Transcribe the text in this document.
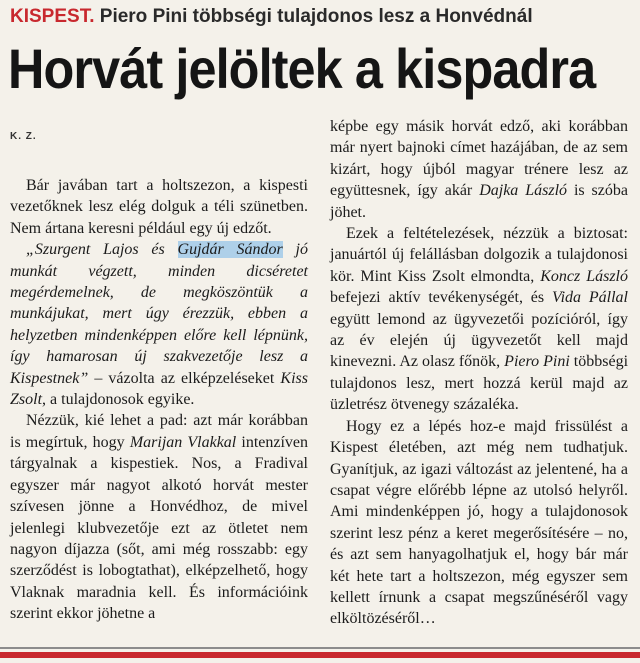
KISPEST. Piero Pini többségi tulajdonos lesz a Honvédnál
Horvát jelöltek a kispadra
K. Z.

Bár javában tart a holtszezon, a kispesti vezetőknek lesz elég dolguk a téli szünetben. Nem ártana keresni például egy új edzőt.

„Szurgent Lajos és Gujdár Sándor jó munkát végzett, minden dicséretet megérdemelnek, de megköszöntük a munkájukat, mert úgy érezzük, ebben a helyzetben mindenképpen előre kell lépnünk, így hamarosan új szakvezetője lesz a Kispestnek” – vázolta az elképzeléseket Kiss Zsolt, a tulajdonosok egyike.

Nézzük, kié lehet a pad: azt már korábban is megírtuk, hogy Marijan Vlakkal intenzíven tárgyalnak a kispestiek. Nos, a Fradival egyszer már nagyot alkotó horvát mester szívesen jönne a Honvédhoz, de mivel jelenlegi klubvezetője ezt az ötletet nem nagyon díjazza (sőt, ami még rosszabb: egy szerződést is lobogtathat), elképzelhető, hogy Vlaknak maradnia kell. És információink szerint ekkor jöhetne a

képbe egy másik horvát edző, aki korábban már nyert bajnoki címet hazájában, de az sem kizárt, hogy újból magyar trénere lesz az együttesnek, így akár Dajka László is szóba jöhet.

Ezek a feltételezések, nézzük a biztosat: januártól új felállásban dolgozik a tulajdonosi kör. Mint Kiss Zsolt elmondta, Koncz László befejezi aktív tevékenységét, és Vida Pállal együtt lemond az ügyvezetői pozícióról, így az év elején új ügyvezetőt kell majd kinevezni. Az olasz főnök, Piero Pini többségi tulajdonos lesz, mert hozzá kerül majd az üzletrész ötvenegy százaléka.

Hogy ez a lépés hoz-e majd frissülést a Kispest életében, azt még nem tudhatjuk. Gyanítjuk, az igazi változást az jelentené, ha a csapat végre előrébb lépne az utolsó helyről. Ami mindenképpen jó, hogy a tulajdonosok szerint lesz pénz a keret megerősítésére – no, és azt sem hanyagolhatjuk el, hogy bár már két hete tart a holtszezon, még egyszer sem kellett írnunk a csapat megszűnéséről vagy elköltözéséről…
